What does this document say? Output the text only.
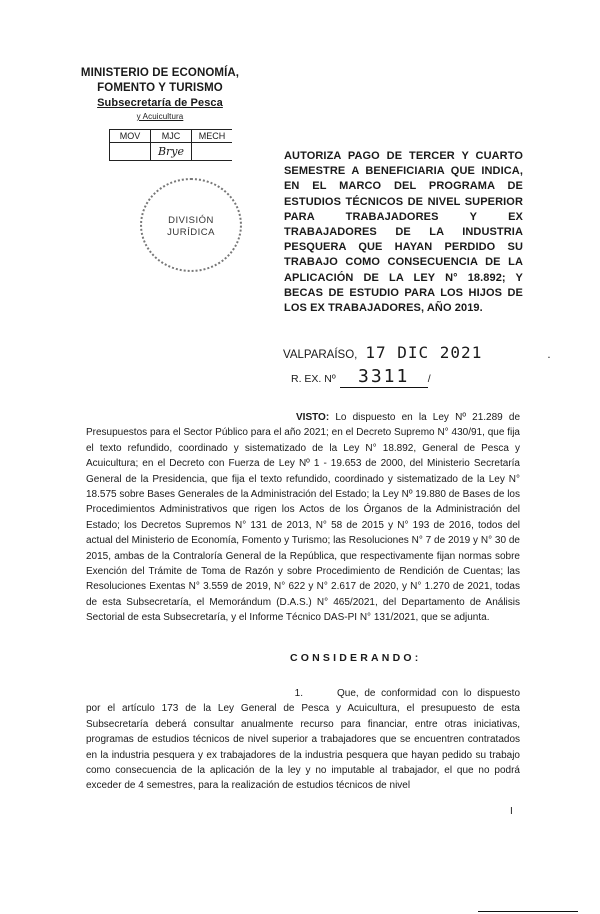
MINISTERIO DE ECONOMÍA,
FOMENTO Y TURISMO
Subsecretaría de Pesca
y Acuicultura
MOV	MJC	MECH
	Brye	
DIVISIÓN
JURÍDICA
AUTORIZA PAGO DE TERCER Y CUARTO SEMESTRE A BENEFICIARIA QUE INDICA, EN EL MARCO DEL PROGRAMA DE ESTUDIOS TÉCNICOS DE NIVEL SUPERIOR PARA TRABAJADORES Y EX TRABAJADORES DE LA INDUSTRIA PESQUERA QUE HAYAN PERDIDO SU TRABAJO COMO CONSECUENCIA DE LA APLICACIÓN DE LA LEY N° 18.892; Y BECAS DE ESTUDIO PARA LOS HIJOS DE LOS EX TRABAJADORES, AÑO 2019.
VALPARAÍSO, 17 DIC 2021	.
R. EX. Nº 3311 /
VISTO: Lo dispuesto en la Ley Nº 21.289 de Presupuestos para el Sector Público para el año 2021; en el Decreto Supremo N° 430/91, que fija el texto refundido, coordinado y sistematizado de la Ley N° 18.892, General de Pesca y Acuicultura; en el Decreto con Fuerza de Ley Nº 1 - 19.653 de 2000, del Ministerio Secretaría General de la Presidencia, que fija el texto refundido, coordinado y sistematizado de la Ley N° 18.575 sobre Bases Generales de la Administración del Estado; la Ley Nº 19.880 de Bases de los Procedimientos Administrativos que rigen los Actos de los Órganos de la Administración del Estado; los Decretos Supremos N° 131 de 2013, N° 58 de 2015 y N° 193 de 2016, todos del actual del Ministerio de Economía, Fomento y Turismo; las Resoluciones N° 7 de 2019 y N° 30 de 2015, ambas de la Contraloría General de la República, que respectivamente fijan normas sobre Exención del Trámite de Toma de Razón y sobre Procedimiento de Rendición de Cuentas; las Resoluciones Exentas N° 3.559 de 2019, N° 622 y N° 2.617 de 2020, y N° 1.270 de 2021, todas de esta Subsecretaría, el Memorándum (D.A.S.) N° 465/2021, del Departamento de Análisis Sectorial de esta Subsecretaría, y el Informe Técnico DAS-PI N° 131/2021, que se adjunta.
CONSIDERANDO:
1.	Que, de conformidad con lo dispuesto por el artículo 173 de la Ley General de Pesca y Acuicultura, el presupuesto de esta Subsecretaría deberá consultar anualmente recurso para financiar, entre otras iniciativas, programas de estudios técnicos de nivel superior a trabajadores que se encuentren contratados en la industria pesquera y ex trabajadores de la industria pesquera que hayan pedido su trabajo como consecuencia de la aplicación de la ley y no imputable al trabajador, el que no podrá exceder de 4 semestres, para la realización de estudios técnicos de nivel
I
